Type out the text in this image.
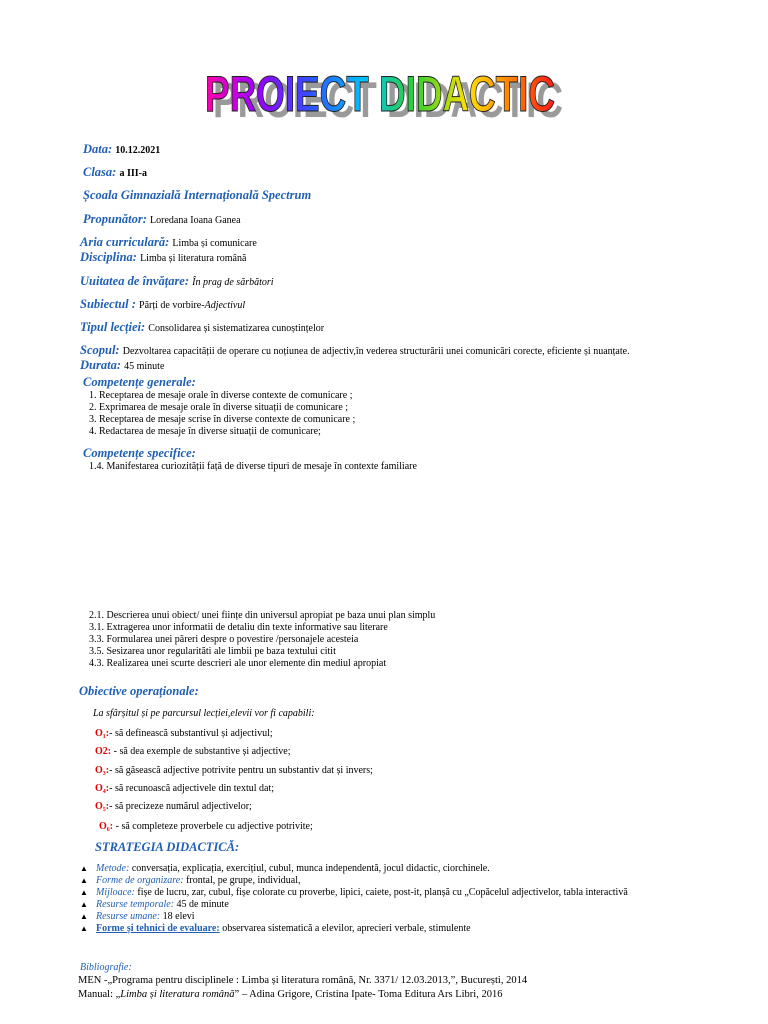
PROIECT DIDACTIC
PROIECT DIDACTIC
Data: 10.12.2021
Clasa: a III-a
Școala Gimnazială Internațională Spectrum
Propunător: Loredana Ioana Ganea
Aria curriculară: Limba și comunicare
Disciplina: Limba și literatura română
Uuitatea de învățare: În prag de sărbători
Subiectul : Părți de vorbire-Adjectivul
Tipul lecției: Consolidarea și sistematizarea cunoștințelor
Scopul: Dezvoltarea capacității de operare cu noțiunea de adjectiv,în vederea structurării unei comunicări corecte, eficiente și nuanțate.
Durata: 45 minute
Competențe generale:
1. Receptarea de mesaje orale în diverse contexte de comunicare ;
2. Exprimarea de mesaje orale în diverse situații de comunicare ;
3. Receptarea de mesaje scrise în diverse contexte de comunicare ;
4. Redactarea de mesaje în diverse situații de comunicare;
Competențe specifice:
1.4. Manifestarea curiozității față de diverse tipuri de mesaje în contexte familiare
2.1. Descrierea unui obiect/ unei ființe din universul apropiat pe baza unui plan simplu
3.1. Extragerea unor informatii de detaliu din texte informative sau literare
3.3. Formularea unei păreri despre o povestire /personajele acesteia
3.5. Sesizarea unor regularităti ale limbii pe baza textului citit
4.3. Realizarea unei scurte descrieri ale unor elemente din mediul apropiat
Obiective operaționale:
La sfârșitul și pe parcursul lecției,elevii vor fi capabili:
O₁:- să definească substantivul și adjectivul;
O2: - să dea exemple de substantive și adjective;
O₃:- să găsească adjective potrivite pentru un substantiv dat și invers;
O₄:- să recunoască adjectivele din textul dat;
O₅:- să precizeze numărul adjectivelor;
O₆: - să completeze proverbele cu adjective potrivite;
STRATEGIA DIDACTICĂ:
▲ Metode: conversația, explicația, exercițiul, cubul, munca independentă, jocul didactic, ciorchinele.
▲ Forme de organizare: frontal, pe grupe, individual,
▲ Mijloace: fișe de lucru, zar, cubul, fișe colorate cu proverbe, lipici, caiete, post-it, planșă cu „Copăcelul adjectivelor, tabla interactivă
▲ Resurse temporale: 45 de minute
▲ Resurse umane: 18 elevi
▲ Forme și tehnici de evaluare: observarea sistematică a elevilor, aprecieri verbale, stimulente
Bibliografie:
MEN -„Programa pentru disciplinele : Limba și literatura română, Nr. 3371/ 12.03.2013,”, București, 2014
Manual: „Limba și literatura română” – Adina Grigore, Cristina Ipate- Toma Editura Ars Libri, 2016
